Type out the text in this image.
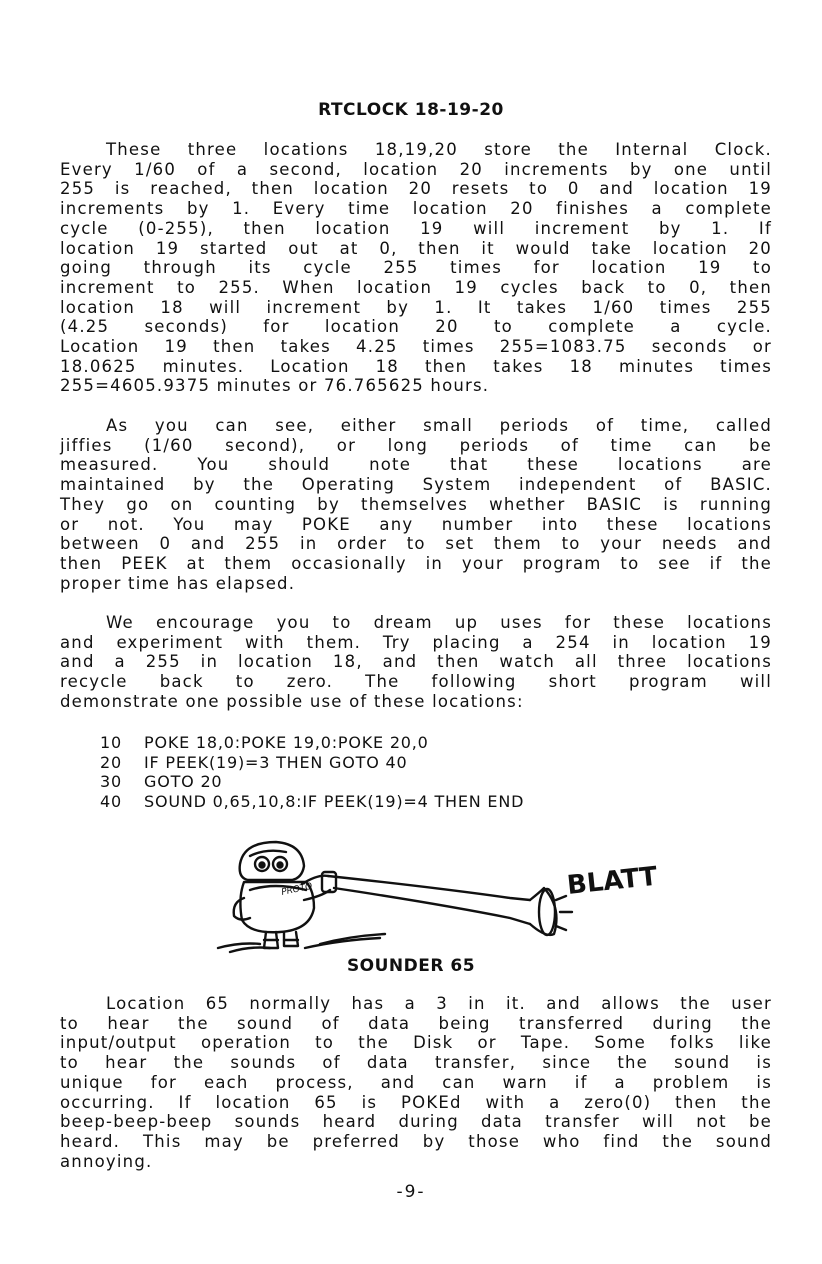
RTCLOCK 18-19-20
These three locations 18,19,20 store the Internal Clock.
Every 1/60 of a second, location 20 increments by one until
255 is reached, then location 20 resets to 0 and location 19
increments by 1. Every time location 20 finishes a complete
cycle (0-255), then location 19 will increment by 1. If
location 19 started out at 0, then it would take location 20
going through its cycle 255 times for location 19 to
increment to 255. When location 19 cycles back to 0, then
location 18 will increment by 1. It takes 1/60 times 255
(4.25 seconds) for location 20 to complete a cycle.
Location 19 then takes 4.25 times 255=1083.75 seconds or
18.0625 minutes. Location 18 then takes 18 minutes times
255=4605.9375 minutes or 76.765625 hours.
As you can see, either small periods of time, called
jiffies (1/60 second), or long periods of time can be
measured. You should note that these locations are
maintained by the Operating System independent of BASIC.
They go on counting by themselves whether BASIC is running
or not. You may POKE any number into these locations
between 0 and 255 in order to set them to your needs and
then PEEK at them occasionally in your program to see if the
proper time has elapsed.
We encourage you to dream up uses for these locations
and experiment with them. Try placing a 254 in location 19
and a 255 in location 18, and then watch all three locations
recycle back to zero. The following short program will
demonstrate one possible use of these locations:
10 POKE 18,0:POKE 19,0:POKE 20,0
20 IF PEEK(19)=3 THEN GOTO 40
30 GOTO 20
40 SOUND 0,65,10,8:IF PEEK(19)=4 THEN END
PROTO	BLATT
SOUNDER 65
Location 65 normally has a 3 in it. and allows the user
to hear the sound of data being transferred during the
input/output operation to the Disk or Tape. Some folks like
to hear the sounds of data transfer, since the sound is
unique for each process, and can warn if a problem is
occurring. If location 65 is POKEd with a zero(0) then the
beep-beep-beep sounds heard during data transfer will not be
heard. This may be preferred by those who find the sound
annoying.
-9-
